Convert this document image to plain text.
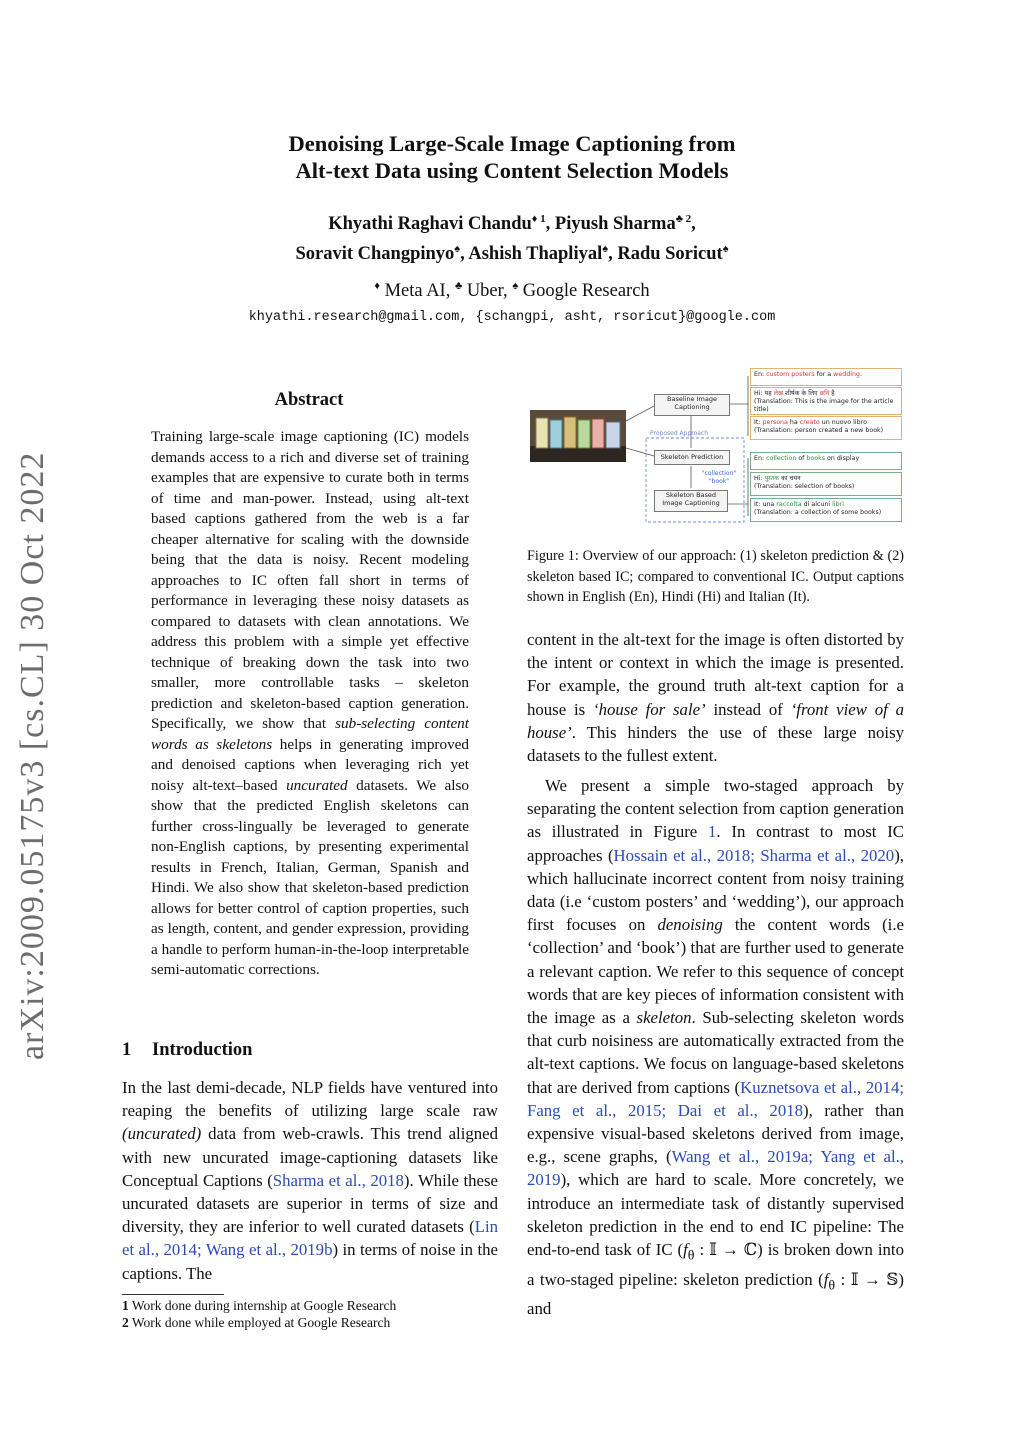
arXiv:2009.05175v3 [cs.CL] 30 Oct 2022
Denoising Large-Scale Image Captioning from
Alt-text Data using Content Selection Models
Khyathi Raghavi Chandu$^{♦ 1}$, Piyush Sharma$^{♣ 2}$,
Soravit Changpinyo♠, Ashish Thapliyal♠, Radu Soricut♠
♦ Meta AI, ♣ Uber, ♠ Google Research
khyathi.research@gmail.com, {schangpi, asht, rsoricut}@google.com
Abstract
Training large-scale image captioning (IC) models demands access to a rich and diverse set of training examples that are expensive to curate both in terms of time and man-power. Instead, using alt-text based captions gathered from the web is a far cheaper alternative for scaling with the downside being that the data is noisy. Recent modeling approaches to IC often fall short in terms of performance in leveraging these noisy datasets as compared to datasets with clean annotations. We address this problem with a simple yet effective technique of breaking down the task into two smaller, more controllable tasks – skeleton prediction and skeleton-based caption generation. Specifically, we show that sub-selecting content words as skeletons helps in generating improved and denoised captions when leveraging rich yet noisy alt-text–based uncurated datasets. We also show that the predicted English skeletons can further cross-lingually be leveraged to generate non-English captions, by presenting experimental results in French, Italian, German, Spanish and Hindi. We also show that skeleton-based prediction allows for better control of caption properties, such as length, content, and gender expression, providing a handle to perform human-in-the-loop interpretable semi-automatic corrections.
1 Introduction
In the last demi-decade, NLP fields have ventured into reaping the benefits of utilizing large scale raw (uncurated) data from web-crawls. This trend aligned with new uncurated image-captioning datasets like Conceptual Captions (Sharma et al., 2018). While these uncurated datasets are superior in terms of size and diversity, they are inferior to well curated datasets (Lin et al., 2014; Wang et al., 2019b) in terms of noise in the captions. The
1 Work done during internship at Google Research
2 Work done while employed at Google Research
Baseline Image Captioning
Proposed Approach
Skeleton Prediction
"collection" "book"
Skeleton Based Image Captioning
En: custom posters for a wedding.
Hi: यह लेख शीर्षक के लिए छवि है
(Translation: This is the image for the article title)
It: persona ha creato un nuovo libro
(Translation: person created a new book)
En: collection of books on display
Hi: पुस्तक का चयन
(Translation: selection of books)
It: una raccolta di alcuni libri
(Translation: a collection of some books)
Figure 1: Overview of our approach: (1) skeleton prediction & (2) skeleton based IC; compared to conventional IC. Output captions shown in English (En), Hindi (Hi) and Italian (It).
content in the alt-text for the image is often distorted by the intent or context in which the image is presented. For example, the ground truth alt-text caption for a house is ‘house for sale’ instead of ‘front view of a house’. This hinders the use of these large noisy datasets to the fullest extent.
We present a simple two-staged approach by separating the content selection from caption generation as illustrated in Figure 1. In contrast to most IC approaches (Hossain et al., 2018; Sharma et al., 2020), which hallucinate incorrect content from noisy training data (i.e ‘custom posters’ and ‘wedding’), our approach first focuses on denoising the content words (i.e ‘collection’ and ‘book’) that are further used to generate a relevant caption. We refer to this sequence of concept words that are key pieces of information consistent with the image as a skeleton. Sub-selecting skeleton words that curb noisiness are automatically extracted from the alt-text captions. We focus on language-based skeletons that are derived from captions (Kuznetsova et al., 2014; Fang et al., 2015; Dai et al., 2018), rather than expensive visual-based skeletons derived from image, e.g., scene graphs, (Wang et al., 2019a; Yang et al., 2019), which are hard to scale. More concretely, we introduce an intermediate task of distantly supervised skeleton prediction in the end to end IC pipeline: The end-to-end task of IC ($f_\theta$ : 𝕀 → ℂ) is broken down into a two-staged pipeline: skeleton prediction ($f_\theta$ : 𝕀 → 𝕊) and
